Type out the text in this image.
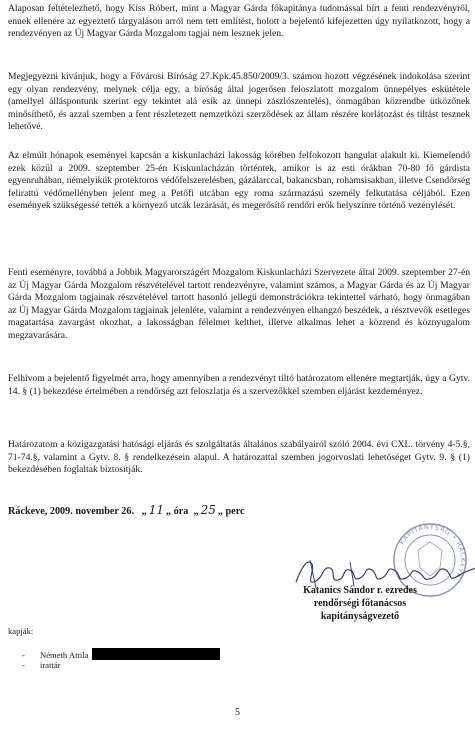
Alaposan feltételezhető, hogy Kiss Róbert, mint a Magyar Gárda főkapitánya tudomással bírt a fenti rendezvényről, ennek ellenére az egyeztető tárgyaláson arról nem tett említést, holott a bejelentő kifejezetten úgy nyilatkozott, hogy a rendezvényen az Új Magyar Gárda Mozgalom tagjai nem lesznek jelen.

Megjegyezni kívánjuk, hogy a Fővárosi Bíróság 27.Kpk.45.850/2009/3. számon hozott végzésének indokolása szerint egy olyan rendezvény, melynek célja egy, a bíróság által jogerősen feloszlatott mozgalom ünnepélyes eskütétele (amellyel álláspontunk szerint egy tekintet alá esik az ünnepi zászlószentelés), önmagában közrendbe ütközőnek minősíthető, és azzal szemben a fent részletezett nemzetközi szerződések az állam részére korlátozást és tiltást tesznek lehetővé.

Az elmúlt hónapok eseményei kapcsán a kiskunlacházi lakosság körében felfokozott hangulat alakult ki. Kiemelendő ezek közül a 2009. szeptember 25-én Kiskunlacházán történtek, amikor is az esti órákban 70-80 fő gárdista egyenruhában, némelyikük protektoros védőfelszerelésben, gázálarccal, bakancsban, rohamsisakban, illetve Csendőrség felirattú védőmellényben jelent meg a Petőfi utcában egy roma származású személy felkutatása céljából. Ezen események szükségessé tették a környező utcák lezárását, és megerősítő rendőri erők helyszínre történő vezénylését.

Fenti eseményre, továbbá a Jobbik Magyarországért Mozgalom Kiskunlacházi Szervezete által 2009. szeptember 27-én az Új Magyar Gárda Mozgalom részvételével tartott rendezvényre, valamint számos, a Magyar Gárda és az Új Magyar Gárda Mozgalom tagjainak részvételével tartott hasonló jellegű demonstrációkra tekintettel várható, hogy önmagában az Új Magyar Gárda Mozgalom tagjainak jelenléte, valamint a rendezvényen elhangzó beszédek, a résztvevők esetleges magatartása zavargást okozhat, a lakosságban félelmet kelthet, illetve alkalmas lehet a közrend és köznyugalom megzavarására.

Felhívom a bejelentő figyelmét arra, hogy amennyiben a rendezvényt tiltó határozatom ellenére megtartják, úgy a Gytv. 14. § (1) bekezdése értelmében a rendőrség azt feloszlatja és a szervezőkkel szemben eljárást kezdeményez.

Határozatom a közigazgatási hatósági eljárás és szolgáltatás általános szabályairól szóló 2004. évi CXL. törvény 4-5.§, 71-74.§, valamint a Gytv. 8. § rendelkezésein alapul. A határozattal szemben jogorvoslati lehetőséget Gytv. 9. § (1) bekezdésében foglaltak biztosítják.

Ráckeve, 2009. november 26.   „ 11 „ óra  „ 25 „ perc
KAPITÁNYSÁG • RÁCKEVE
Katanics Sándor r. ezredes
rendőrségi főtanácsos
kapitányságvezető
kapják:
- Németh Attila
- irattár
5
